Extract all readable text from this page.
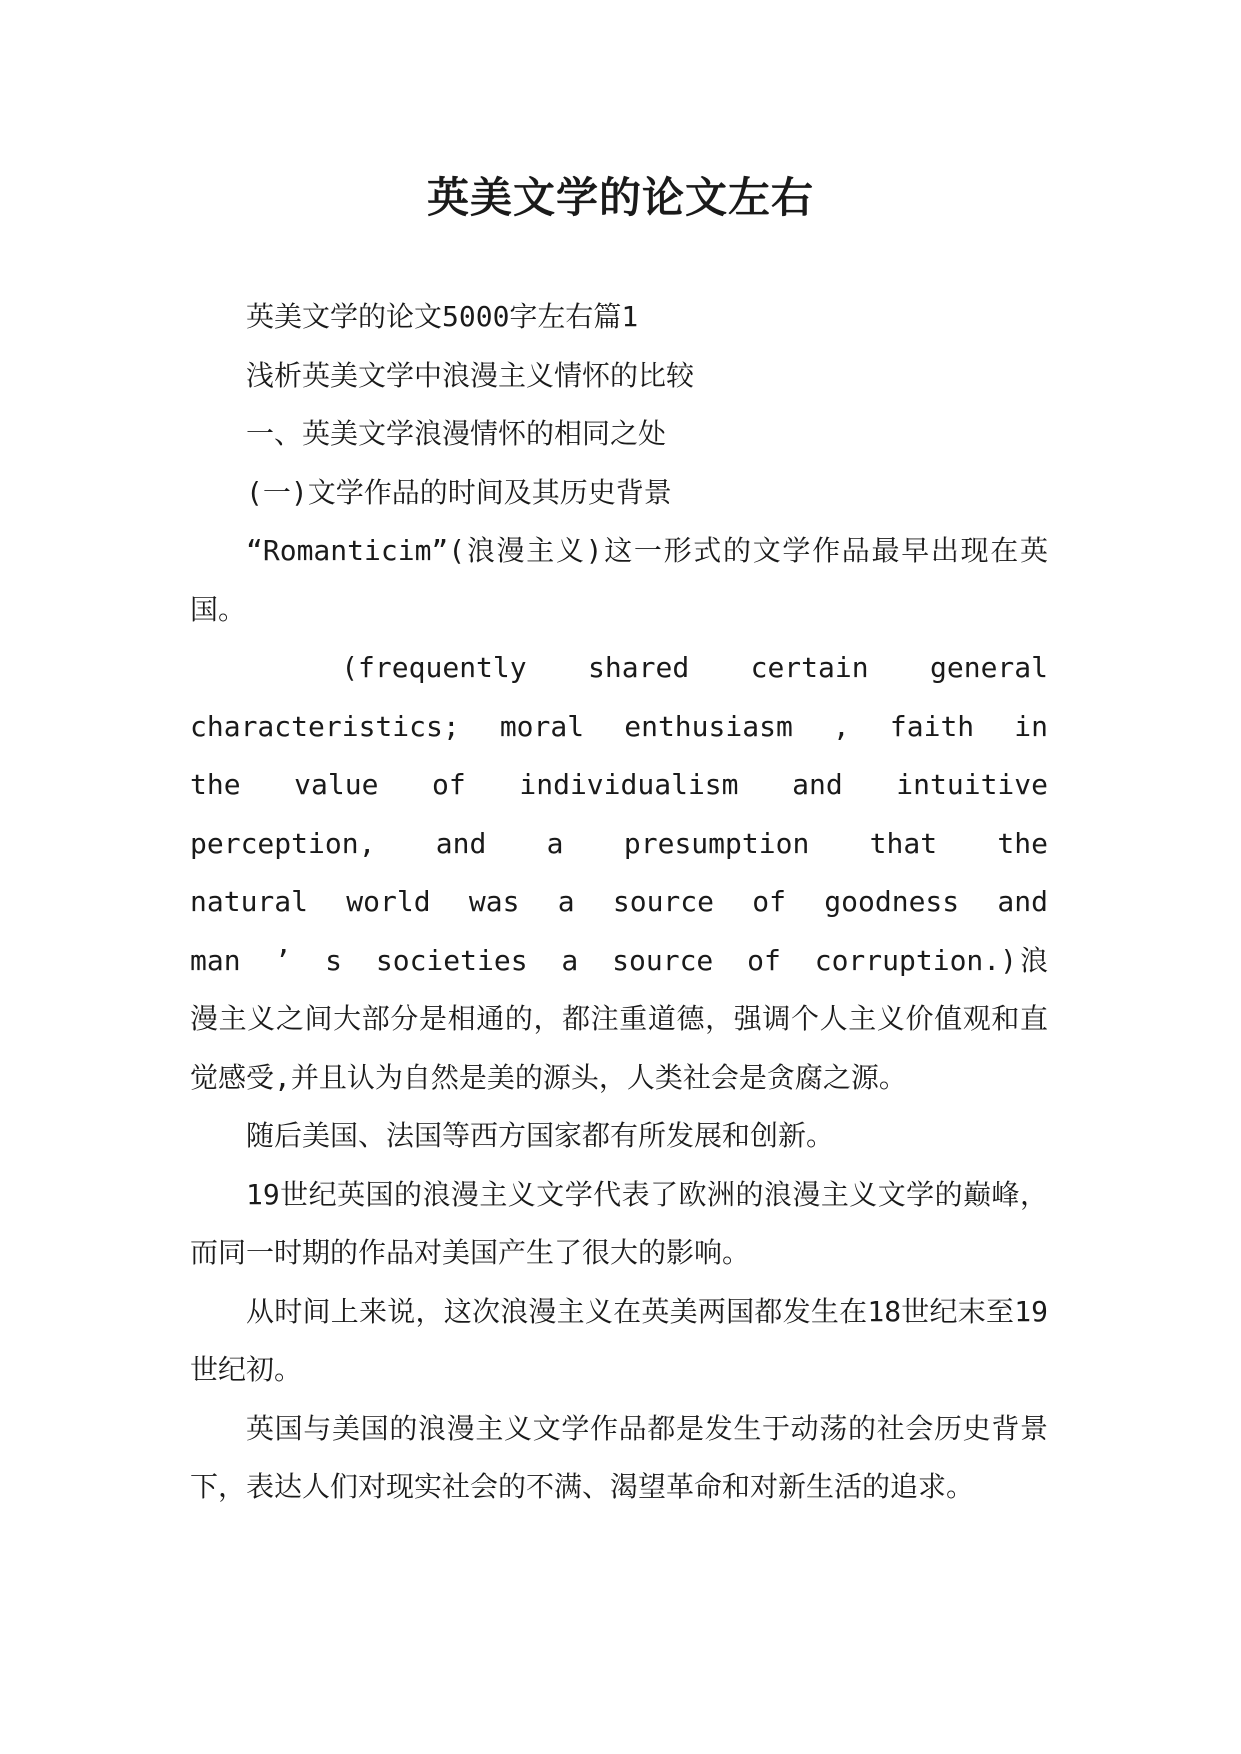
英美文学的论文左右

英美文学的论文5000字左右篇1

浅析英美文学中浪漫主义情怀的比较

一、英美文学浪漫情怀的相同之处

(一)文学作品的时间及其历史背景

“Romanticim”(浪漫主义)这一形式的文学作品最早出现在英国。

(frequently shared certain general characteristics; moral enthusiasm , faith in the value of individualism and intuitive perception, and a presumption that the natural world was a source of goodness and man ’ s societies a source of corruption.)浪漫主义之间大部分是相通的，都注重道德，强调个人主义价值观和直觉感受,并且认为自然是美的源头，人类社会是贪腐之源。

随后美国、法国等西方国家都有所发展和创新。

19世纪英国的浪漫主义文学代表了欧洲的浪漫主义文学的巅峰，而同一时期的作品对美国产生了很大的影响。

从时间上来说，这次浪漫主义在英美两国都发生在18世纪末至19世纪初。

英国与美国的浪漫主义文学作品都是发生于动荡的社会历史背景下，表达人们对现实社会的不满、渴望革命和对新生活的追求。
